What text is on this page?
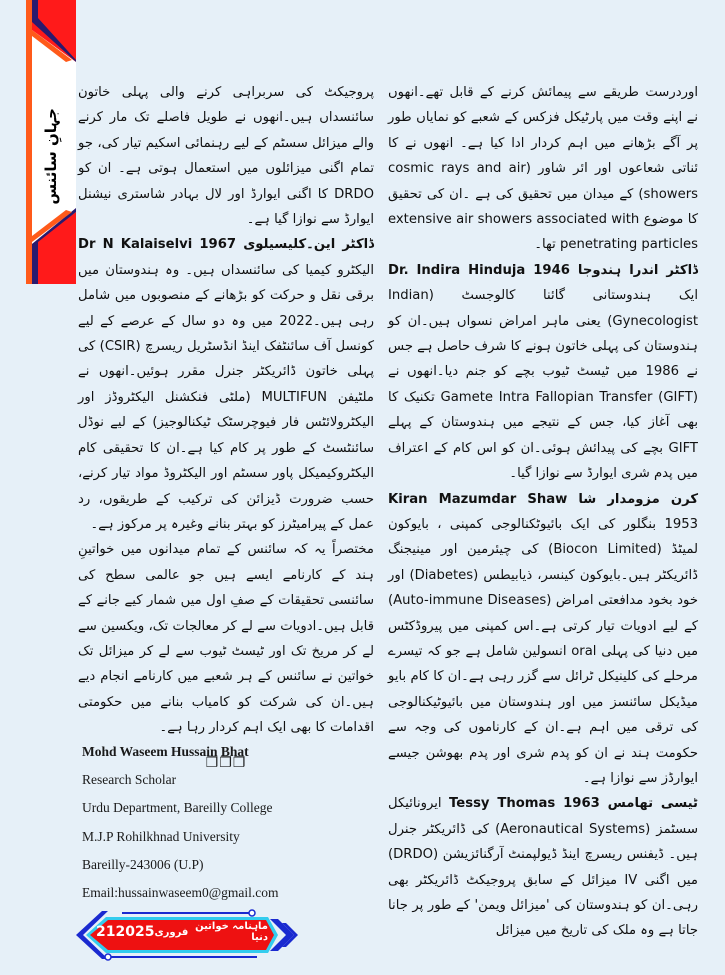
جہانِ سائنس

اوردرست طریقے سے پیمائش کرنے کے قابل تھے۔انھوں نے اپنے وقت میں پارٹیکل فزکس کے شعبے کو نمایاں طور پر آگے بڑھانے میں اہم کردار ادا کیا ہے۔ انھوں نے کا ئناتی شعاعوں اور ائر شاور (cosmic rays and air showers) کے میدان میں تحقیق کی ہے ۔ان کی تحقیق کا موضوع extensive air showers associated with penetrating particles تھا۔

ڈاکٹر اندرا ہندوجا Dr. Indira Hinduja 1946 ایک ہندوستانی گائنا کالوجسٹ (Indian Gynecologist) یعنی ماہر امراض نسواں ہیں۔ان کو ہندوستان کی پہلی خاتون ہونے کا شرف حاصل ہے جس نے 1986 میں ٹیسٹ ٹیوب بچے کو جنم دیا۔انھوں نے Gamete Intra Fallopian Transfer (GIFT) تکنیک کا بھی آغاز کیا، جس کے نتیجے میں ہندوستان کے پہلے GIFT بچے کی پیدائش ہوئی۔ان کو اس کام کے اعتراف میں پدم شری ایوارڈ سے نوازا گیا۔

کرن مزومدار شا Kiran Mazumdar Shaw 1953 بنگلور کی ایک بائیوٹکنالوجی کمپنی ، بایوکون لمیٹڈ (Biocon Limited) کی چیئرمین اور مینیجنگ ڈائریکٹر ہیں۔بایوکون کینسر، ذیابیطس (Diabetes) اور خود بخود مدافعتی امراض (Auto-immune Diseases) کے لیے ادویات تیار کرتی ہے۔اس کمپنی میں پیروڈکٹس میں دنیا کی پہلی oral انسولین شامل ہے جو کہ تیسرے مرحلے کی کلینیکل ٹرائل سے گزر رہی ہے۔ان کا کام بایو میڈیکل سائنسز میں اور ہندوستان میں بائیوٹیکنالوجی کی ترقی میں اہم ہے۔ان کے کارناموں کی وجہ سے حکومت ہند نے ان کو پدم شری اور پدم بھوشن جیسے ایوارڈز سے نوازا ہے۔

ٹیسی تھامس Tessy Thomas 1963 ایرونائیکل سسٹمز (Aeronautical Systems) کی ڈائریکٹر جنرل ہیں۔ ڈیفنس ریسرچ اینڈ ڈیولپمنٹ آرگنائزیشن (DRDO) میں اگنی IV میزائل کے سابق پروجیکٹ ڈائریکٹر بھی رہی۔ان کو ہندوستان کی 'میزائل ویمن' کے طور پر جانا جاتا ہے وہ ملک کی تاریخ میں میزائل

پروجیکٹ کی سربراہی کرنے والی پہلی خاتون سائنسداں ہیں۔انھوں نے طویل فاصلے تک مار کرنے والے میزائل سسٹم کے لیے رہنمائی اسکیم تیار کی، جو تمام اگنی میزائلوں میں استعمال ہوتی ہے۔ ان کو DRDO کا اگنی ایوارڈ اور لال بہادر شاستری نیشنل ایوارڈ سے نوازا گیا ہے۔

ڈاکٹر این۔کلیسیلوی Dr N Kalaiselvi 1967 الیکٹرو کیمیا کی سائنسداں ہیں۔ وہ ہندوستان میں برقی نقل و حرکت کو بڑھانے کے منصوبوں میں شامل رہی ہیں۔2022 میں وہ دو سال کے عرصے کے لیے کونسل آف سائنٹفک اینڈ انڈسٹریل ریسرچ (CSIR) کی پہلی خاتون ڈائریکٹر جنرل مقرر ہوئیں۔انھوں نے ملٹیفن MULTIFUN (ملٹی فنکشنل الیکٹروڈز اور الیکٹرولائٹس فار فیوچرسٹک ٹیکنالوجیز) کے لیے نوڈل سائنٹسٹ کے طور پر کام کیا ہے۔ان کا تحقیقی کام الیکٹروکیمیکل پاور سسٹم اور الیکٹروڈ مواد تیار کرنے، حسب ضرورت ڈیزائن کی ترکیب کے طریقوں، رد عمل کے پیرامیٹرز کو بہتر بنانے وغیرہ پر مرکوز ہے۔

مختصراً یہ کہ سائنس کے تمام میدانوں میں خواتینِ ہند کے کارنامے ایسے ہیں جو عالمی سطح کی سائنسی تحقیقات کے صفِ اول میں شمار کیے جانے کے قابل ہیں۔ادویات سے لے کر معالجات تک، ویکسین سے لے کر مریخ تک اور ٹیسٹ ٹیوب سے لے کر میزائل تک خواتین نے سائنس کے ہر شعبے میں کارنامے انجام دیے ہیں۔ان کی شرکت کو کامیاب بنانے میں حکومتی اقدامات کا بھی ایک اہم کردار رہا ہے۔

❐❐❐
Mohd Waseem Hussain Bhat
Research Scholar
Urdu Department, Bareilly College
M.J.P Rohilkhnad University
Bareilly-243006 (U.P)
Email:hussainwaseem0@gmail.com
21 2025 فروری ماہنامہ خواتین دنیا
